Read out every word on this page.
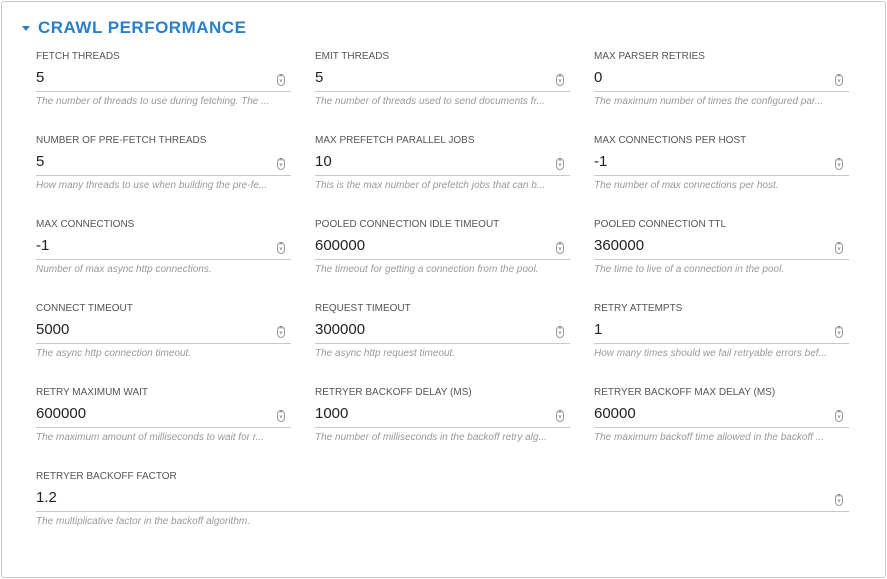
CRAWL PERFORMANCE
FETCH THREADS
5	˄
˅
The number of threads to use during fetching. The ...
EMIT THREADS
5	˄
˅
The number of threads used to send documents fr...
MAX PARSER RETRIES
0	˄
˅
The maximum number of times the configured par...
NUMBER OF PRE-FETCH THREADS
5	˄
˅
How many threads to use when building the pre-fe...
MAX PREFETCH PARALLEL JOBS
10	˄
˅
This is the max number of prefetch jobs that can b...
MAX CONNECTIONS PER HOST
-1	˄
˅
The number of max connections per host.
MAX CONNECTIONS
-1	˄
˅
Number of max async http connections.
POOLED CONNECTION IDLE TIMEOUT
600000	˄
˅
The timeout for getting a connection from the pool.
POOLED CONNECTION TTL
360000	˄
˅
The time to live of a connection in the pool.
CONNECT TIMEOUT
5000	˄
˅
The async http connection timeout.
REQUEST TIMEOUT
300000	˄
˅
The async http request timeout.
RETRY ATTEMPTS
1	˄
˅
How many times should we fail retryable errors bef...
RETRY MAXIMUM WAIT
600000	˄
˅
The maximum amount of milliseconds to wait for r...
RETRYER BACKOFF DELAY (MS)
1000	˄
˅
The number of milliseconds in the backoff retry alg...
RETRYER BACKOFF MAX DELAY (MS)
60000	˄
˅
The maximum backoff time allowed in the backoff ...
RETRYER BACKOFF FACTOR
1.2	˄
˅
The multiplicative factor in the backoff algorithm.
